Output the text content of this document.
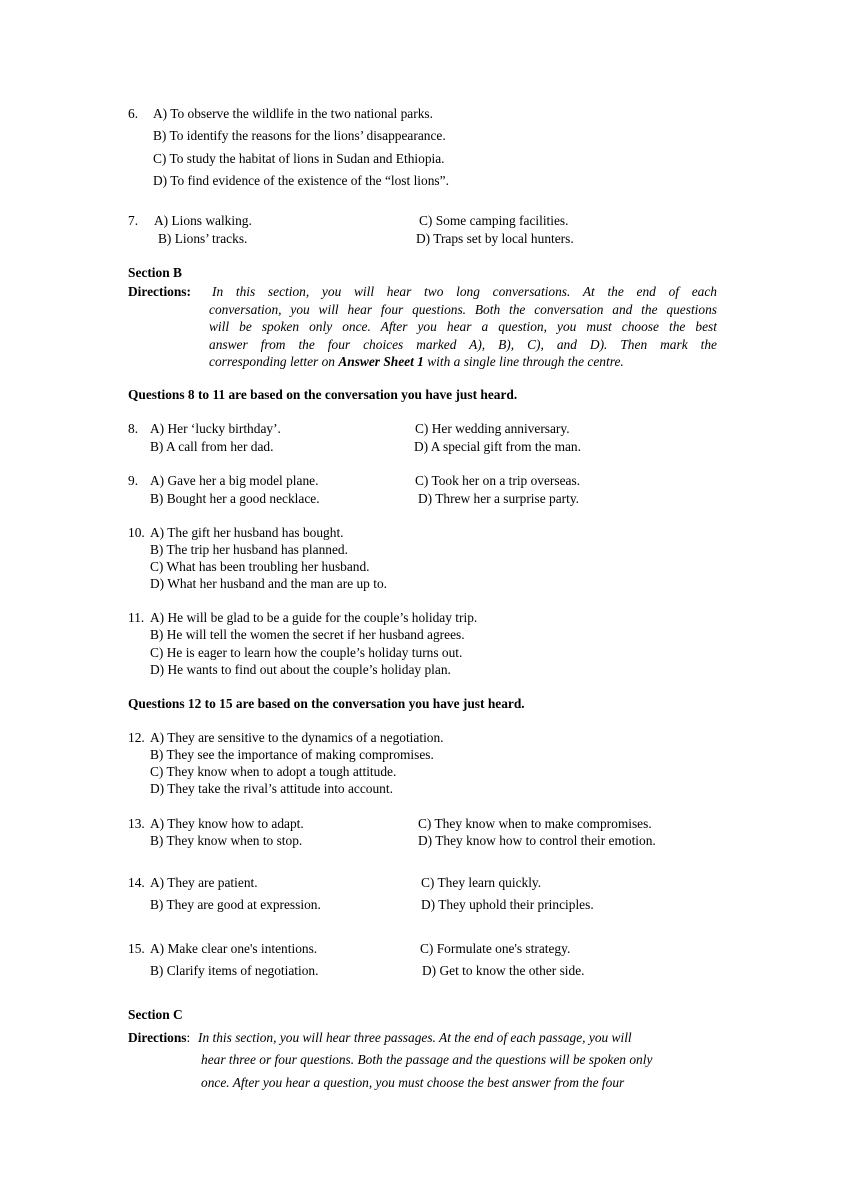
6. A) To observe the wildlife in the two national parks.
B) To identify the reasons for the lions’ disappearance.
C) To study the habitat of lions in Sudan and Ethiopia.
D) To find evidence of the existence of the “lost lions”.
7. A) Lions walking.	C) Some camping facilities.
B) Lions’ tracks.	D) Traps set by local hunters.
Section B
Directions: In this section, you will hear two long conversations. At the end of each
conversation, you will hear four questions. Both the conversation and the questions
will be spoken only once. After you hear a question, you must choose the best
answer from the four choices marked A), B), C), and D). Then mark the
corresponding letter on Answer Sheet 1 with a single line through the centre.
Questions 8 to 11 are based on the conversation you have just heard.
8. A) Her ‘lucky birthday’.	C) Her wedding anniversary.
B) A call from her dad.	D) A special gift from the man.
9. A) Gave her a big model plane.	C) Took her on a trip overseas.
B) Bought her a good necklace.	D) Threw her a surprise party.
10. A) The gift her husband has bought.
B) The trip her husband has planned.
C) What has been troubling her husband.
D) What her husband and the man are up to.
11. A) He will be glad to be a guide for the couple’s holiday trip.
B) He will tell the women the secret if her husband agrees.
C) He is eager to learn how the couple’s holiday turns out.
D) He wants to find out about the couple’s holiday plan.
Questions 12 to 15 are based on the conversation you have just heard.
12. A) They are sensitive to the dynamics of a negotiation.
B) They see the importance of making compromises.
C) They know when to adopt a tough attitude.
D) They take the rival’s attitude into account.
13. A) They know how to adapt.	C) They know when to make compromises.
B) They know when to stop.	D) They know how to control their emotion.
14. A) They are patient.	C) They learn quickly.
B) They are good at expression.	D) They uphold their principles.
15. A) Make clear one's intentions.	C) Formulate one's strategy.
B) Clarify items of negotiation.	D) Get to know the other side.
Section C
Directions: In this section, you will hear three passages. At the end of each passage, you will
hear three or four questions. Both the passage and the questions will be spoken only
once. After you hear a question, you must choose the best answer from the four
